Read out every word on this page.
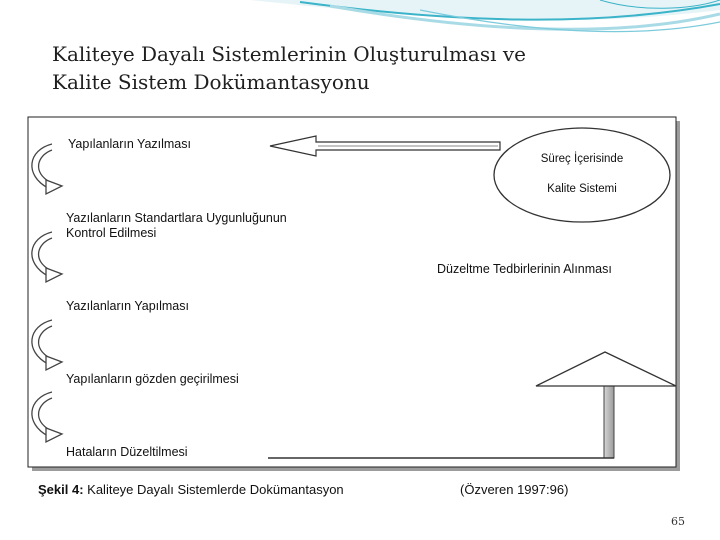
Kaliteye Dayalı Sistemlerinin Oluşturulması ve
Kalite Sistem Dokümantasyonu
Yapılanların Yazılması
Yazılanların Standartlara Uygunluğunun
Kontrol Edilmesi
Yazılanların Yapılması
Yapılanların gözden geçirilmesi
Hataların Düzeltilmesi
Süreç İçerisinde
Kalite Sistemi
Düzeltme Tedbirlerinin Alınması
Şekil 4: Kaliteye Dayalı Sistemlerde Dokümantasyon	(Özveren 1997:96)
65
